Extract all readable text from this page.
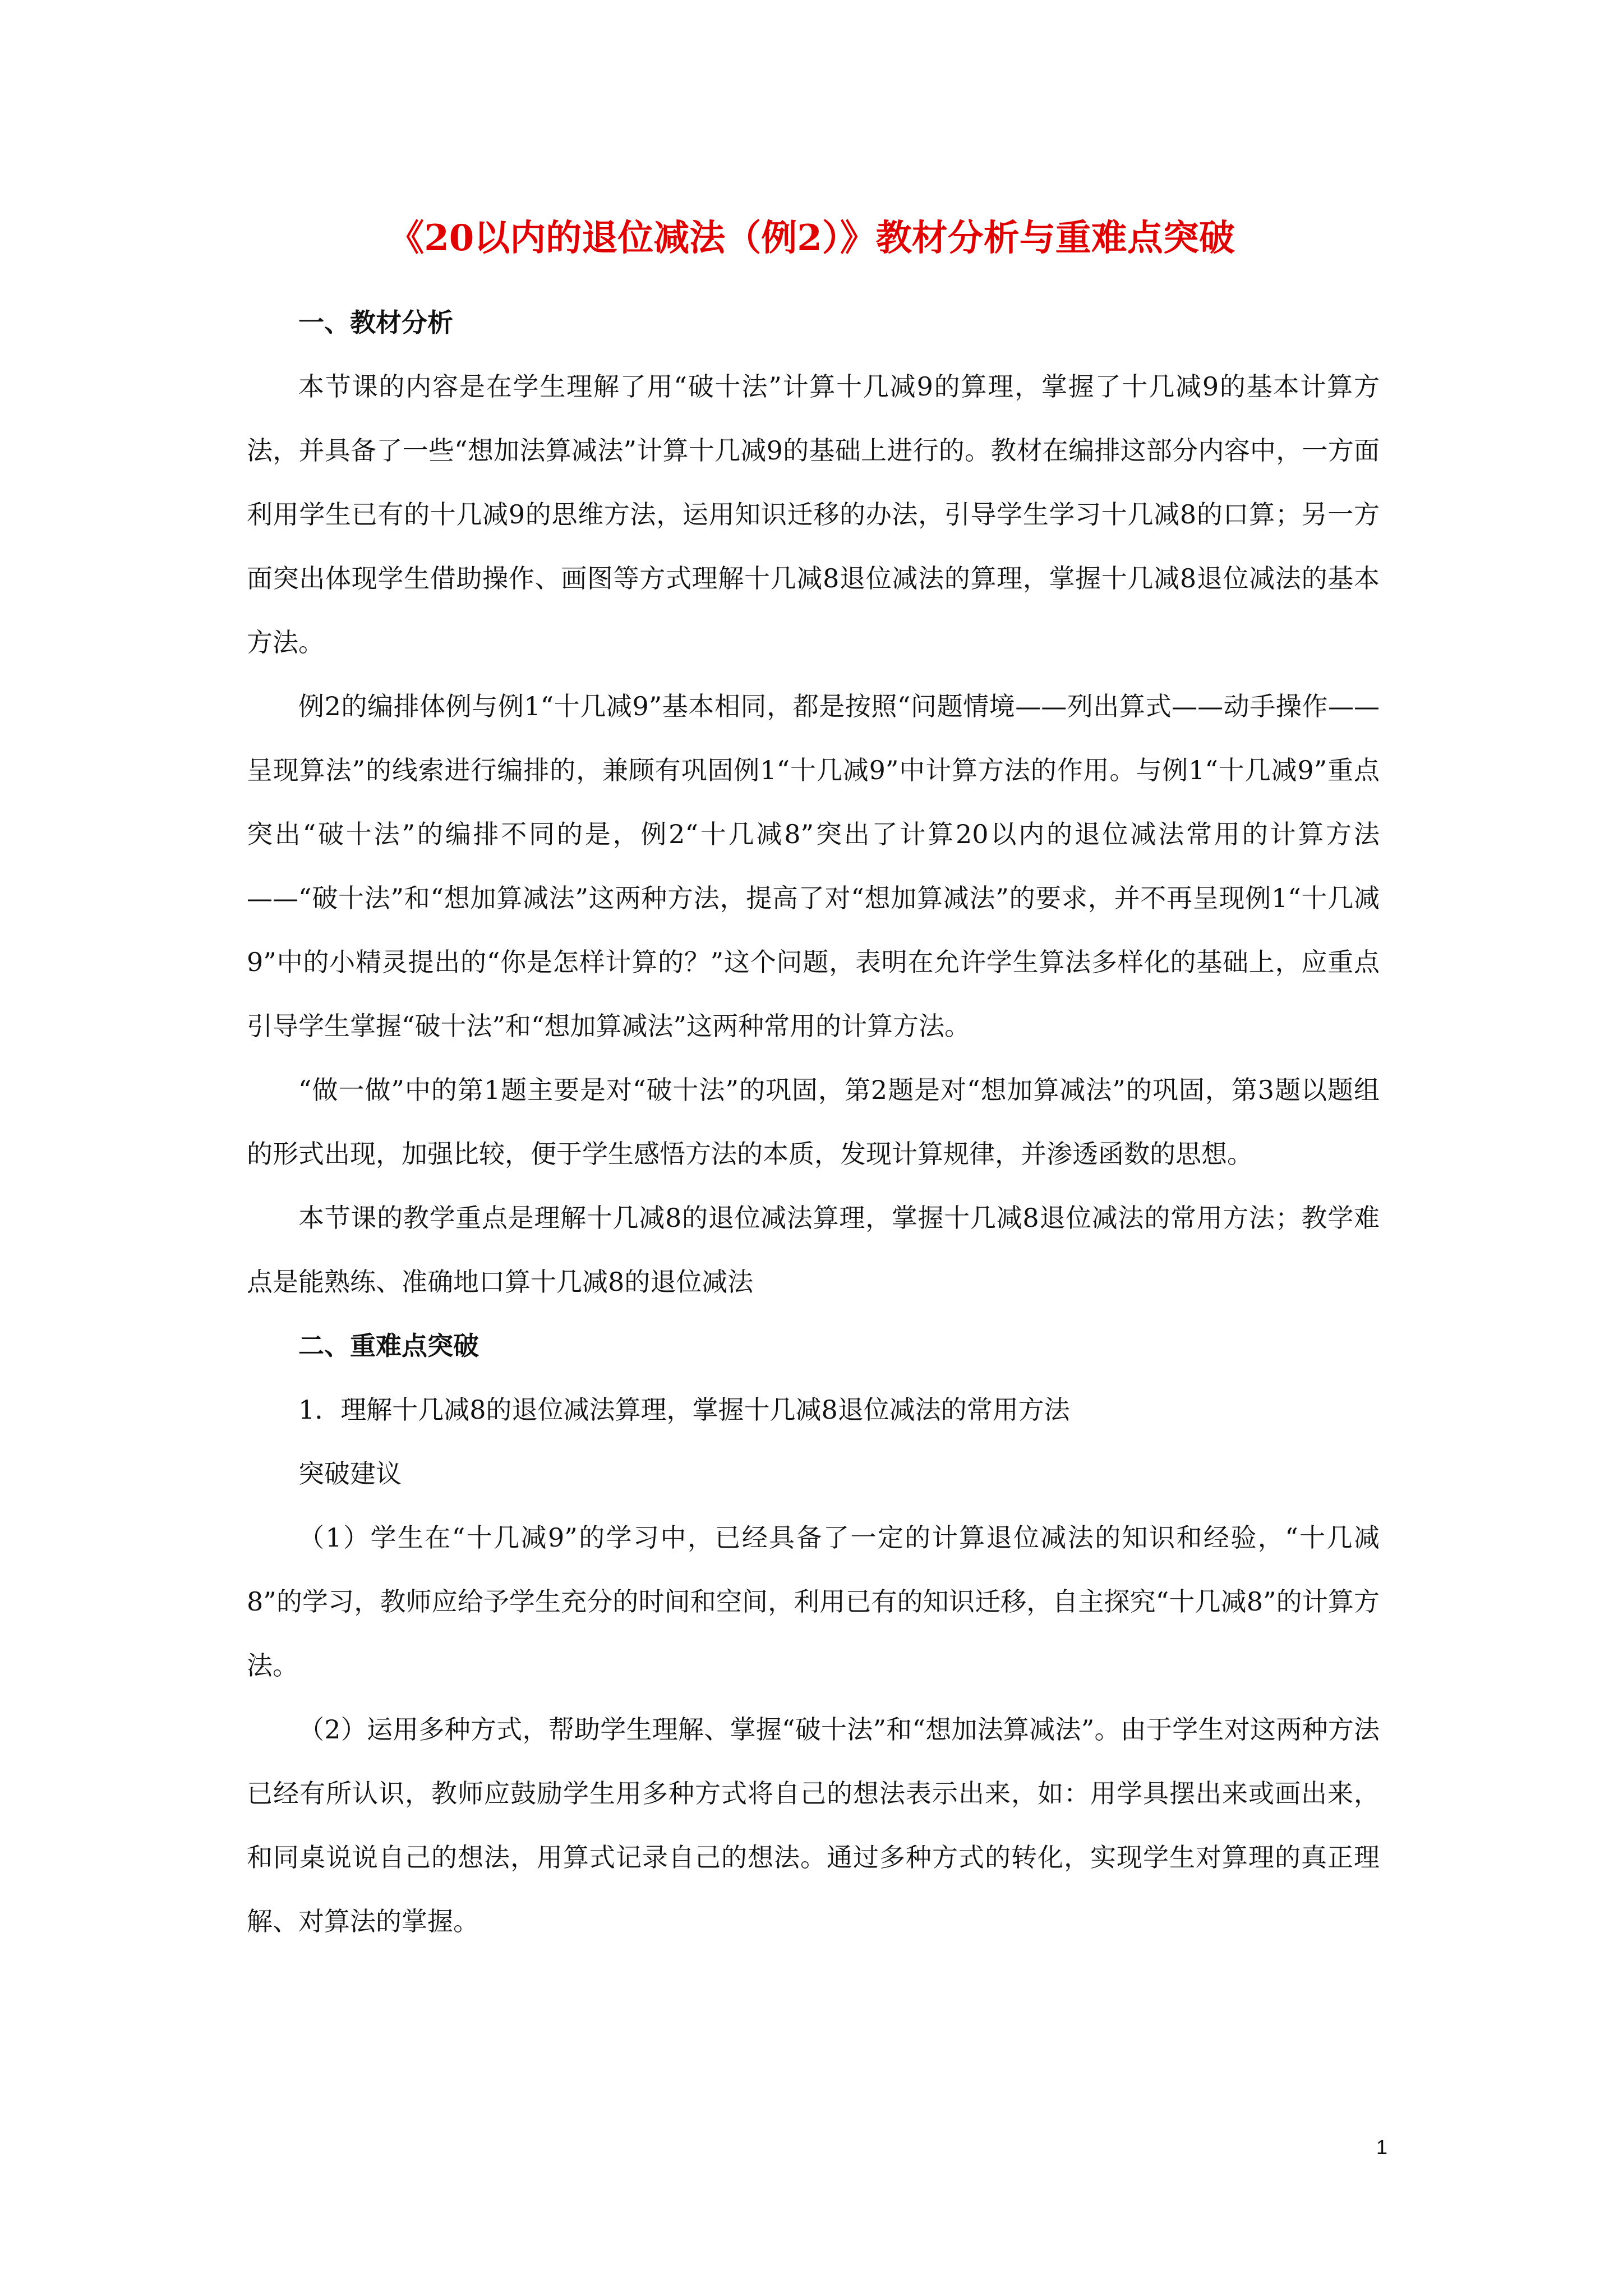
《20以内的退位减法（例2）》教材分析与重难点突破

一、教材分析

本节课的内容是在学生理解了用“破十法”计算十几减9的算理，掌握了十几减9的基本计算方法，并具备了一些“想加法算减法”计算十几减9的基础上进行的。教材在编排这部分内容中，一方面利用学生已有的十几减9的思维方法，运用知识迁移的办法，引导学生学习十几减8的口算；另一方面突出体现学生借助操作、画图等方式理解十几减8退位减法的算理，掌握十几减8退位减法的基本方法。

例2的编排体例与例1“十几减9”基本相同，都是按照“问题情境——列出算式——动手操作——呈现算法”的线索进行编排的，兼顾有巩固例1“十几减9”中计算方法的作用。与例1“十几减9”重点突出“破十法”的编排不同的是，例2“十几减8”突出了计算20以内的退位减法常用的计算方法——“破十法”和“想加算减法”这两种方法，提高了对“想加算减法”的要求，并不再呈现例1“十几减9”中的小精灵提出的“你是怎样计算的？”这个问题，表明在允许学生算法多样化的基础上，应重点引导学生掌握“破十法”和“想加算减法”这两种常用的计算方法。

“做一做”中的第1题主要是对“破十法”的巩固，第2题是对“想加算减法”的巩固，第3题以题组的形式出现，加强比较，便于学生感悟方法的本质，发现计算规律，并渗透函数的思想。

本节课的教学重点是理解十几减8的退位减法算理，掌握十几减8退位减法的常用方法；教学难点是能熟练、准确地口算十几减8的退位减法

二、重难点突破

1．理解十几减8的退位减法算理，掌握十几减8退位减法的常用方法

突破建议

（1）学生在“十几减9”的学习中，已经具备了一定的计算退位减法的知识和经验，“十几减8”的学习，教师应给予学生充分的时间和空间，利用已有的知识迁移，自主探究“十几减8”的计算方法。

（2）运用多种方式，帮助学生理解、掌握“破十法”和“想加法算减法”。由于学生对这两种方法已经有所认识，教师应鼓励学生用多种方式将自己的想法表示出来，如：用学具摆出来或画出来，和同桌说说自己的想法，用算式记录自己的想法。通过多种方式的转化，实现学生对算理的真正理解、对算法的掌握。

1
